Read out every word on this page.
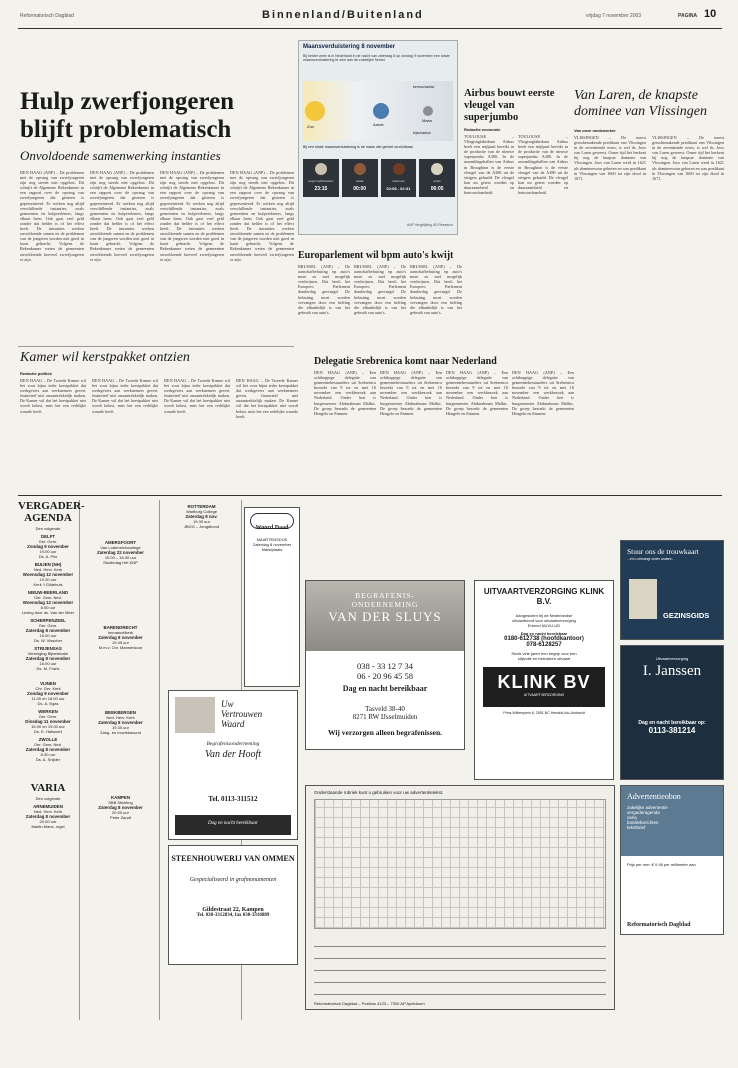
Reformatorisch Dagblad	Binnenland/Buitenland	vrijdag 7 november 2003	PAGINA 10
Hulp zwerfjongeren blijft problematisch
Onvoldoende samenwerking instanties
DEN HAAG (ANP) – De problemen met de opvang van zwerfjongeren zijn nog steeds niet opgelost. Dit schrijft de Algemene Rekenkamer in een rapport over de opvang van zwerfjongeren dat gisteren is gepresenteerd. Er werken nog altijd verschillende instanties, zoals gemeenten en hulpverleners, langs elkaar heen. Ook gaat veel geld zonder dat helder is of het effect heeft. De instanties werken onvoldoende samen en de problemen van de jongeren worden niet goed in kaart gebracht. Volgens de Rekenkamer weten de gemeenten onvoldoende hoeveel zwerfjongeren er zijn.
DEN HAAG (ANP) – De problemen met de opvang van zwerfjongeren zijn nog steeds niet opgelost. Dit schrijft de Algemene Rekenkamer in een rapport over de opvang van zwerfjongeren dat gisteren is gepresenteerd. Er werken nog altijd verschillende instanties, zoals gemeenten en hulpverleners, langs elkaar heen. Ook gaat veel geld zonder dat helder is of het effect heeft. De instanties werken onvoldoende samen en de problemen van de jongeren worden niet goed in kaart gebracht. Volgens de Rekenkamer weten de gemeenten onvoldoende hoeveel zwerfjongeren er zijn.
DEN HAAG (ANP) – De problemen met de opvang van zwerfjongeren zijn nog steeds niet opgelost. Dit schrijft de Algemene Rekenkamer in een rapport over de opvang van zwerfjongeren dat gisteren is gepresenteerd. Er werken nog altijd verschillende instanties, zoals gemeenten en hulpverleners, langs elkaar heen. Ook gaat veel geld zonder dat helder is of het effect heeft. De instanties werken onvoldoende samen en de problemen van de jongeren worden niet goed in kaart gebracht. Volgens de Rekenkamer weten de gemeenten onvoldoende hoeveel zwerfjongeren er zijn.
DEN HAAG (ANP) – De problemen met de opvang van zwerfjongeren zijn nog steeds niet opgelost. Dit schrijft de Algemene Rekenkamer in een rapport over de opvang van zwerfjongeren dat gisteren is gepresenteerd. Er werken nog altijd verschillende instanties, zoals gemeenten en hulpverleners, langs elkaar heen. Ook gaat veel geld zonder dat helder is of het effect heeft. De instanties werken onvoldoende samen en de problemen van de jongeren worden niet goed in kaart gebracht. Volgens de Rekenkamer weten de gemeenten onvoldoende hoeveel zwerfjongeren er zijn.
Maansverduistering 8 november
Bij helder weer is in Nederland in de nacht van zaterdag 8 op zondag 9 november een totale maansverduistering te zien aan de zuidelijke hemel.
Zon	Aarde
Maan
kernschaduw
bijschaduw
Bij een totale maansverduistering is de maan niet geheel onzichtbaar.
begin halfschaduw
23:15
totaal
00:00
maximum
02:08 - 02:31
einde
06:05
ANP Vergelijking AD Research
Airbus bouwt eerste vleugel van superjumbo
Redactie economie
TOULOUSE – Vliegtuigfabrikant Airbus heeft een mijlpaal bereikt in de productie van de nieuwe superjumbo A380. In de assemblagehallen van Airbus in Broughton is de eerste vleugel van de A380 uit de steigers gehaald. De vleugel kan nu getest worden op duurzaamheid en betrouwbaarheid.
TOULOUSE – Vliegtuigfabrikant Airbus heeft een mijlpaal bereikt in de productie van de nieuwe superjumbo A380. In de assemblagehallen van Airbus in Broughton is de eerste vleugel van de A380 uit de steigers gehaald. De vleugel kan nu getest worden op duurzaamheid en betrouwbaarheid.
Van Laren, de knapste dominee van Vlissingen
Van onze medewerker
VLISSINGEN – De meest geruchtmakende predikant van Vlissingen in de zeventiende eeuw, is wel ds. Joos van Laren geweest. Onzer tijd bet herkent hij nog de knapste dominee van Vlissingen. Joos van Laren werd in 1621 als domineesoon geboren en was predikant in Vlissingen van 1660 tot zijn dood in 1671.
VLISSINGEN – De meest geruchtmakende predikant van Vlissingen in de zeventiende eeuw, is wel ds. Joos van Laren geweest. Onzer tijd bet herkent hij nog de knapste dominee van Vlissingen. Joos van Laren werd in 1621 als domineesoon geboren en was predikant in Vlissingen van 1660 tot zijn dood in 1671.
Europarlement wil bpm auto's kwijt
BRUSSEL (ANP) – De aanschafbelasting op auto's moet zo snel mogelijk verdwijnen. Dat heeft het Europees Parlement donderdag gevraagd. De belasting moet worden vervangen door een heffing die afhankelijk is van het gebruik van auto's.
BRUSSEL (ANP) – De aanschafbelasting op auto's moet zo snel mogelijk verdwijnen. Dat heeft het Europees Parlement donderdag gevraagd. De belasting moet worden vervangen door een heffing die afhankelijk is van het gebruik van auto's.
BRUSSEL (ANP) – De aanschafbelasting op auto's moet zo snel mogelijk verdwijnen. Dat heeft het Europees Parlement donderdag gevraagd. De belasting moet worden vervangen door een heffing die afhankelijk is van het gebruik van auto's.
Kamer wil kerstpakket ontzien
Redactie politiek
DEN HAAG – De Tweede Kamer wil het voor bijna ieder kerstpakket dat werkgevers aan werknemers geven, financieel niet onaantrekkelijk maken. De Kamer wil dat het kerstpakket niet wordt belast, mits het een redelijke waarde heeft.
DEN HAAG – De Tweede Kamer wil het voor bijna ieder kerstpakket dat werkgevers aan werknemers geven, financieel niet onaantrekkelijk maken. De Kamer wil dat het kerstpakket niet wordt belast, mits het een redelijke waarde heeft.
DEN HAAG – De Tweede Kamer wil het voor bijna ieder kerstpakket dat werkgevers aan werknemers geven, financieel niet onaantrekkelijk maken. De Kamer wil dat het kerstpakket niet wordt belast, mits het een redelijke waarde heeft.
DEN HAAG – De Tweede Kamer wil het voor bijna ieder kerstpakket dat werkgevers aan werknemers geven, financieel niet onaantrekkelijk maken. De Kamer wil dat het kerstpakket niet wordt belast, mits het een redelijke waarde heeft.
Delegatie Srebrenica komt naar Nederland
DEN HAAG (ANP) – Een achtkoppige delegatie van gemeentebestuurders uit Srebrenica bezoekt van 9 tot en met 16 november een werkbezoek aan Nederland. Onder hen is burgemeester Abdurahman Malkic. De groep bezoekt de gemeenten Hengelo en Emmen.
DEN HAAG (ANP) – Een achtkoppige delegatie van gemeentebestuurders uit Srebrenica bezoekt van 9 tot en met 16 november een werkbezoek aan Nederland. Onder hen is burgemeester Abdurahman Malkic. De groep bezoekt de gemeenten Hengelo en Emmen.
DEN HAAG (ANP) – Een achtkoppige delegatie van gemeentebestuurders uit Srebrenica bezoekt van 9 tot en met 16 november een werkbezoek aan Nederland. Onder hen is burgemeester Abdurahman Malkic. De groep bezoekt de gemeenten Hengelo en Emmen.
DEN HAAG (ANP) – Een achtkoppige delegatie van gemeentebestuurders uit Srebrenica bezoekt van 9 tot en met 16 november een werkbezoek aan Nederland. Onder hen is burgemeester Abdurahman Malkic. De groep bezoekt de gemeenten Hengelo en Emmen.
VERGADER-AGENDA
Den volgende
DELFT
Ger. Gem.
Zondag 9 november
19.00 uur
Ds. A. Pilo
BUIJEN (NH)
Ned. Herv. Kerk
Woensdag 12 november
19.30 uur
Kerk 't Gildehuis
NIEUW-BEERLAND
Ger. Gem. Ned.
Woensdag 12 november
8.00 uur
Lezing door ds. Van der Meer
SCHERPENZEEL
Ger. Gem.
Zaterdag 8 november
15.00 uur
Ds. W. Visscher
STRIJENSAS
Vereniging Bijbelstudie
Zaterdag 8 november
16.00 uur
Ds. M. Frank
VIJNEN
Chr. Ger. Kerk
Zondag 9 november
11.00 en 18.00 uur
Ds. A. Egas
WERKEN
Ger. Gem.
Dinsdag 11 november
15.00 en 19.00 uur
Ds. E. Hafwoert
ZWOLLE
Ger. Gem. Ned.
Zaterdag 8 november
8.30 uur
Ds. A. Snijder
VARIA
Den volgende
ARNEMUIDEN
Ned. Herv. Kerk
Zaterdag 8 november
20.00 uur
Martin Mans, orgel
AMERSFOORT
Van Lodensteincollege
Zaterdag 22 november
10.00 – 16.00 uur
Studiedag Het KNP
BARENDRECHT
Immanuëlkerk
Zaterdag 8 november
19.45 uur
M.m.v. Chr. Mannenkoor
BEEKBERGEN
Ned. Herv. Kerk
Zaterdag 8 november
19.30 uur
Zang- en muziekavond
KAMPEN
SBB Stichting
Zaterdag 8 november
20.00 uur
Peter Zandt
ROTTERDAM
Wartburg College
Zaterdag 8 nov.
19.30 uur
JBGG – Jeugdbond	Woord Daad
MAARTENSDIJK Zaterdag 8 november Marktplaats
BEGRAFENIS-
ONDERNEMING
VAN DER SLUYS
038 - 33 12 7 34
06 - 20 96 45 58
Dag en nacht bereikbaar
Tasveld 38-40
8271 RW IJsselmuiden
Wij verzorgen alleen begrafenissen.
UITVAARTVERZORGING KLINK B.V.
Aangesloten bij de Nederlandse
uitvaartbond voor uitvaartverzorging
Erkend NUVU-UD
Dag en nacht bereikbaar
0180-612738 (hoofdkantoor)
078-6128257
Sinds vele jaren een begrip voor een
stijlvolle en betrokken uitvaart
KLINK BV
UITVAARTVERZORGING
Prins Willemplein 6, 2951 BC Hendrik-Ido-Ambacht
Stuur ons de trouwkaart
...en u ontvangt onder andere...
GEZINSGIDS
Uitvaartverzorging
I. Janssen
Dag en nacht bereikbaar op:
0113-381214
Uw
Vertrouwen
Waard
Begrafenisonderneming
Van der Hooft
Tel. 0113-311512
Dag en nacht bereikbaar
STEENHOUWERIJ VAN OMMEN
Gespecialiseerd in grafmonumenten
Gildestraat 22, Kampen
Tel. 038-3312834, fax 038-3316889
Advertentieobon
zakelijke advertentie
vergaderagenda
varia
familieberichten
tekstbrief
Prijs per mm: € 0,96 per millimeter aan
Reformatorisch Dagblad
Onderstaande rubriek kunt u gebruiken voor uw advertentietekst.
Reformatorisch Dagblad – Postbus 4123 – 7300 AP Apeldoorn
